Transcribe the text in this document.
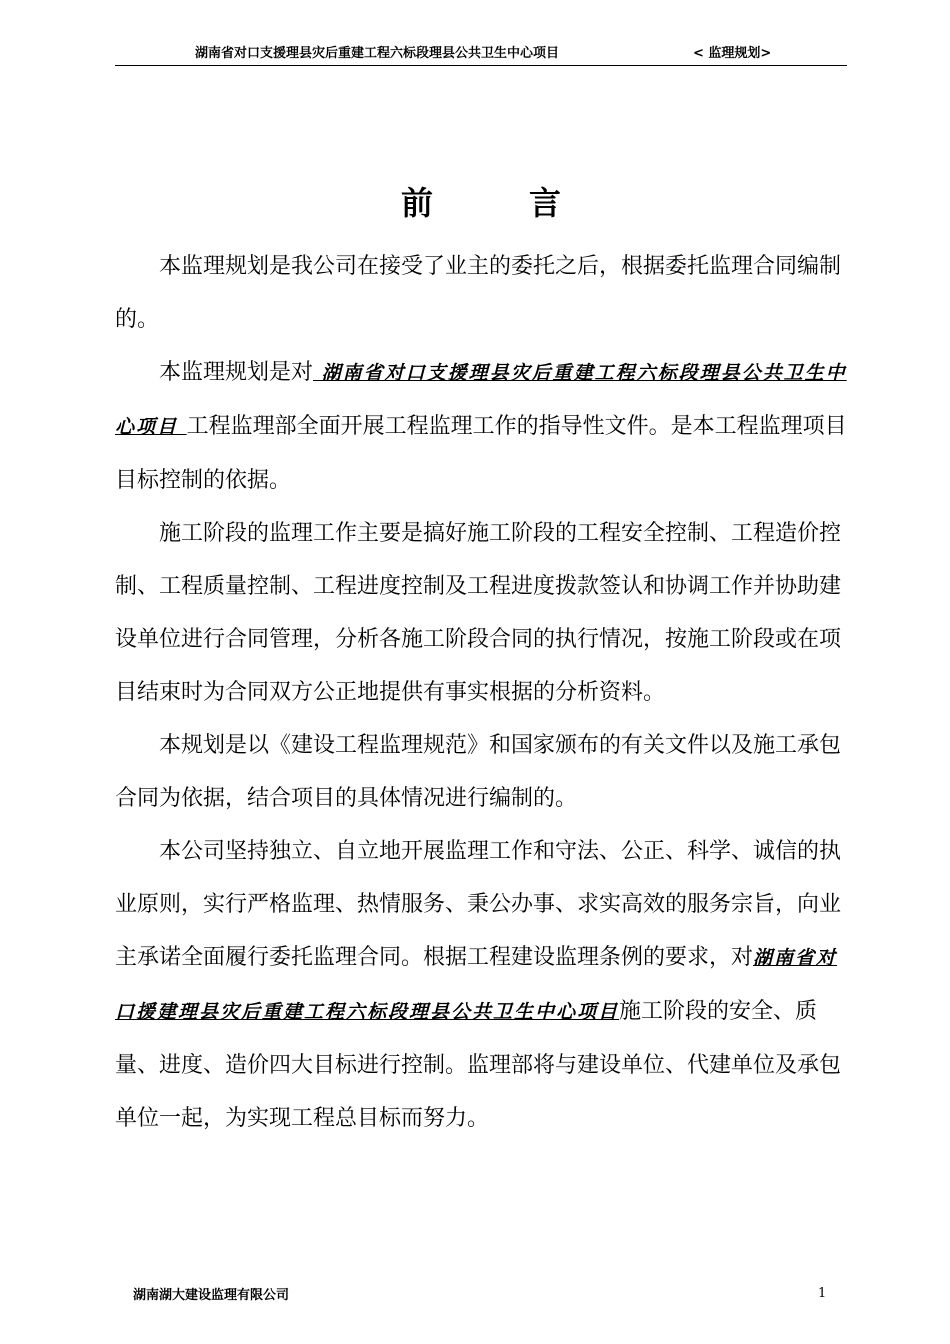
湖南省对口支援理县灾后重建工程六标段理县公共卫生中心项目	< 监理规划>
前言

本监理规划是我公司在接受了业主的委托之后，根据委托监理合同编制的。

本监理规划是对 湖南省对口支援理县灾后重建工程六标段理县公共卫生中心项目 工程监理部全面开展工程监理工作的指导性文件。是本工程监理项目目标控制的依据。

施工阶段的监理工作主要是搞好施工阶段的工程安全控制、工程造价控制、工程质量控制、工程进度控制及工程进度拨款签认和协调工作并协助建设单位进行合同管理，分析各施工阶段合同的执行情况，按施工阶段或在项目结束时为合同双方公正地提供有事实根据的分析资料。

本规划是以《建设工程监理规范》和国家颁布的有关文件以及施工承包合同为依据，结合项目的具体情况进行编制的。

本公司坚持独立、自立地开展监理工作和守法、公正、科学、诚信的执业原则，实行严格监理、热情服务、秉公办事、求实高效的服务宗旨，向业主承诺全面履行委托监理合同。根据工程建设监理条例的要求，对湖南省对口援建理县灾后重建工程六标段理县公共卫生中心项目施工阶段的安全、质量、进度、造价四大目标进行控制。监理部将与建设单位、代建单位及承包单位一起，为实现工程总目标而努力。

湖南湖大建设监理有限公司	1
